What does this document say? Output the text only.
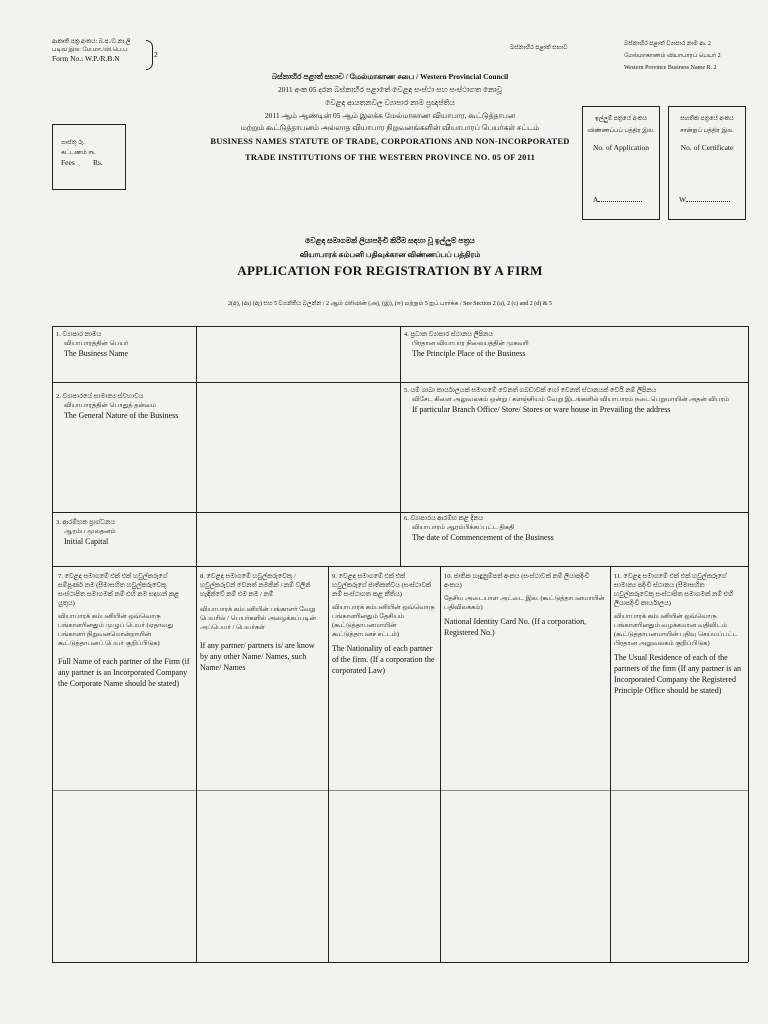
ආකෘති පත්‍ර අංකය: බ.ප./ව.නා.ලි
படிவ இல: மே.மா./வி.பெ.ப
Form No.: W.P./R.B.N	2
බස්නාහිර පළාත් සභාව
බස්නාහිර පළාත් ව්‍යාපාර නාම ආ. 2
மேல்மாகாணம் வியாபாரப் பெயர் 2
Western Province Business Name R. 2
බස්නාහිර පළාත් සභාව / மேல்மாகாண சபை / Western Provincial Council
2011 අංක 05 දරන බස්නාහිර පළාතේ වෙළඳ සංස්ථා සහ සංස්ථාගත නොවූ
වෙළඳ ආයතනවල ව්‍යාපාර නාම ප්‍රඥප්තිය
2011 ஆம் ஆண்டின் 05 ஆம் இலக்க மேல்மாகாண வியாபார, கூட்டுத்தாபன
மற்றும் கூட்டுத்தாபனம் அல்லாத வியாபார நிறுவனங்களின் வியாபாரப் பெயர்கள் சட்டம்
BUSINESS NAMES STATUTE OF TRADE, CORPORATIONS AND NON-INCORPORATED
TRADE INSTITUTIONS OF THE WESTERN PROVINCE NO. 05 OF 2011
ගාස්තු රු.
கட்டணம் ரூ.
Fees Rs.
ඉල්ලුම් පත්‍රයේ අංකය
விண்ணப்பப் பத்திர இல.
No. of Application
A
සහතික පත්‍රයේ අංකය
சான்றுப் பத்திர இல.
No. of Certificate
W
වෙළඳ සමාගමක් ලියාපදිංචි කිරීම සඳහා වූ ඉල්ලුම් පත්‍රය
வியாபாரக் கம்பனி பதிவுக்கான விண்ணப்பப் பத்திரம்
APPLICATION FOR REGISTRATION BY A FIRM
2(අ), (ආ) (ඇ) සහ 5 වගන්තිය බලන්න / 2 ஆம் பிரிவின் (அ), (இ), (ஈ) மற்றும் 5 ஐப் பார்க்க / See Section 2 (a), 2 (c) and 2 (d) & 5
1. ව්‍යාපාර නාමය
வியாபாரத்தின் பெயர்
The Business Name
4. ප්‍රධාන ව්‍යාපාර ස්ථානය ලිපිනය
பிரதான வியாபார நிலையத்தின் முகவரி
The Principle Place of the Business
2. ව්‍යාපාරයේ සාමාන්‍ය ස්වභාවය
வியாபாரத்தின் பொதுத் தன்மை
The General Nature of the Business
5. යම් ශාඛා කාර්යාලයක් සමාගමේ වෙනත් ගබඩාවක් හෝ වෙනත් ස්ථානයක් වෙයි නම් ලිපිනය
விசேட கிளை அலுவலகம் ஒன்று / களஞ்சியம் வேறு இடங்களில் வியாபாரம் நடைபெறுமாயின் அதன் விபரம்
If particular Branch Office/ Store/ Stores or ware house in Prevailing the address
3. ආරම්භක ප්‍රාග්ධනය
ஆரம்ப மூலதனம்
Initial Capital
6. ව්‍යාපාරය ආරම්භ කළ දිනය
வியாபாரம் ஆரம்பிக்கப்பட்ட திகதி
The date of Commencement of the Business
7. වෙළඳ සමාගමේ එක් එක් හවුල්කරුගේ සම්පූර්ණ නම (සීමාසහිත හවුල්කරුවෙකු සංස්ථාපිත සමාගමක් නම් එහි නම සඳහන් කළ යුතුය)
வியாபாரக் கம்பனியின் ஒவ்வொரு பங்காளரினதும் முழுப் பெயர் (ஏதாவது பங்காளர் நிறுவனமொன்றாயின் கூட்டுத்தாபனப் பெயர் குறிப்பிடுக)
Full Name of each partner of the Firm (if any partner is an Incorporated Company the Corporate Name should be stated)
8. වෙළඳ සමාගමේ හවුල්කරුවෙකු / හවුල්කරුවන් වෙනත් නමකින් / නම් වලින් හැඳින්වේ නම් එම නම / නම්
வியாபாரக் கம்பனியின் பங்காளர் வேறு பெயரில் / பெயர்களில் அழைக்கப்படின் அப்பெயர் / பெயர்கள்
If any partner/ partners is/ are know by any other Name/ Names, such Name/ Names
9. වෙළඳ සමාගමේ එක් එක් හවුල්කරුගේ ජාතිකත්වය (සංස්ථාවක් නම් සංස්ථාගත කළ නීතිය)
வியாபாரக் கம்பனியின் ஒவ்வொரு பங்காளரினதும் தேசியம் (கூட்டுத்தாபனமாயின் கூட்டுத்தாபனச் சட்டம்)
The Nationality of each partner of the firm. (If a corporation the corporated Law)
10. ජාතික හැඳුනුම්පත් අංකය (සංස්ථාවක් නම් ලියාපදිංචි අංකය)
தேசிய அடையாள அட்டை இல. (கூட்டுத்தாபனமாயின் பதிவிலக்கம்)
National Identity Card No. (If a corporation, Registered No.)
11. වෙළඳ සමාගමේ එක් එක් හවුල්කරුගේ සාමාන්‍ය පදිංචි ස්ථානය (සීමාසහිත හවුල්කරුවෙකු සංස්ථාපිත සමාගමක් නම් එහි ලියාපදිංචි කාර්යාලය)
வியாபாரக் கம்பனியின் ஒவ்வொரு பங்காளரினதும் வழக்கமான வதிவிடம் (கூட்டுத்தாபனமாயின் பதிவு செய்யப்பட்ட பிரதான அலுவலகம் குறிப்பிடுக)
The Usual Residence of each of the partners of the firm (If any partner is an Incorporated Company the Registered Principle Office should be stated)
